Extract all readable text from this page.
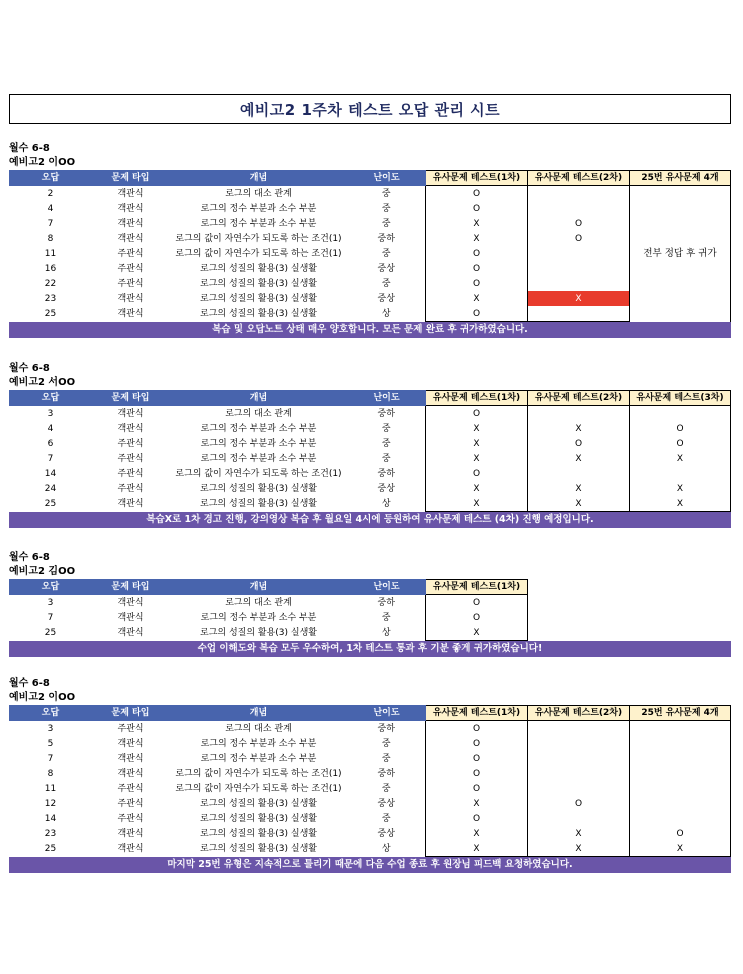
예비고2 1주차 테스트 오답 관리 시트
월수 6-8
예비고2 이OO
오답	문제 타입	개념	난이도	유사문제 테스트(1차)	유사문제 테스트(2차)	25번 유사문제 4개
2	객관식	로그의 대소 관계	중	O		전부 정답 후 귀가
4	객관식	로그의 정수 부분과 소수 부분	중	O		
7	객관식	로그의 정수 부분과 소수 부분	중	X	O	
8	객관식	로그의 값이 자연수가 되도록 하는 조건(1)	중하	X	O	
11	주관식	로그의 값이 자연수가 되도록 하는 조건(1)	중	O		
16	주관식	로그의 성질의 활용(3) 실생활	중상	O		
22	주관식	로그의 성질의 활용(3) 실생활	중	O		
23	객관식	로그의 성질의 활용(3) 실생활	중상	X	X	
25	객관식	로그의 성질의 활용(3) 실생활	상	O		
복습 및 오답노트 상태 매우 양호합니다. 모든 문제 완료 후 귀가하였습니다.
월수 6-8
예비고2 서OO
오답	문제 타입	개념	난이도	유사문제 테스트(1차)	유사문제 테스트(2차)	유사문제 테스트(3차)
3	객관식	로그의 대소 관계	중하	O		
4	객관식	로그의 정수 부분과 소수 부분	중	X	X	O
6	주관식	로그의 정수 부분과 소수 부분	중	X	O	O
7	주관식	로그의 정수 부분과 소수 부분	중	X	X	X
14	주관식	로그의 값이 자연수가 되도록 하는 조건(1)	중하	O		
24	주관식	로그의 성질의 활용(3) 실생활	중상	X	X	X
25	객관식	로그의 성질의 활용(3) 실생활	상	X	X	X
복습X로 1차 경고 진행, 강의영상 복습 후 월요일 4시에 등원하여 유사문제 테스트 (4차) 진행 예정입니다.
월수 6-8
예비고2 김OO
오답	문제 타입	개념	난이도	유사문제 테스트(1차)
3	객관식	로그의 대소 관계	중하	O
7	객관식	로그의 정수 부분과 소수 부분	중	O
25	객관식	로그의 성질의 활용(3) 실생활	상	X
수업 이해도와 복습 모두 우수하여, 1차 테스트 통과 후 기분 좋게 귀가하였습니다!
월수 6-8
예비고2 이OO
오답	문제 타입	개념	난이도	유사문제 테스트(1차)	유사문제 테스트(2차)	25번 유사문제 4개
3	주관식	로그의 대소 관계	중하	O		
5	객관식	로그의 정수 부분과 소수 부분	중	O		
7	객관식	로그의 정수 부분과 소수 부분	중	O		
8	객관식	로그의 값이 자연수가 되도록 하는 조건(1)	중하	O		
11	주관식	로그의 값이 자연수가 되도록 하는 조건(1)	중	O		
12	주관식	로그의 성질의 활용(3) 실생활	중상	X	O	
14	주관식	로그의 성질의 활용(3) 실생활	중	O		
23	객관식	로그의 성질의 활용(3) 실생활	중상	X	X	O
25	객관식	로그의 성질의 활용(3) 실생활	상	X	X	X
마지막 25번 유형은 지속적으로 틀리기 때문에 다음 수업 종료 후 원장님 피드백 요청하였습니다.
